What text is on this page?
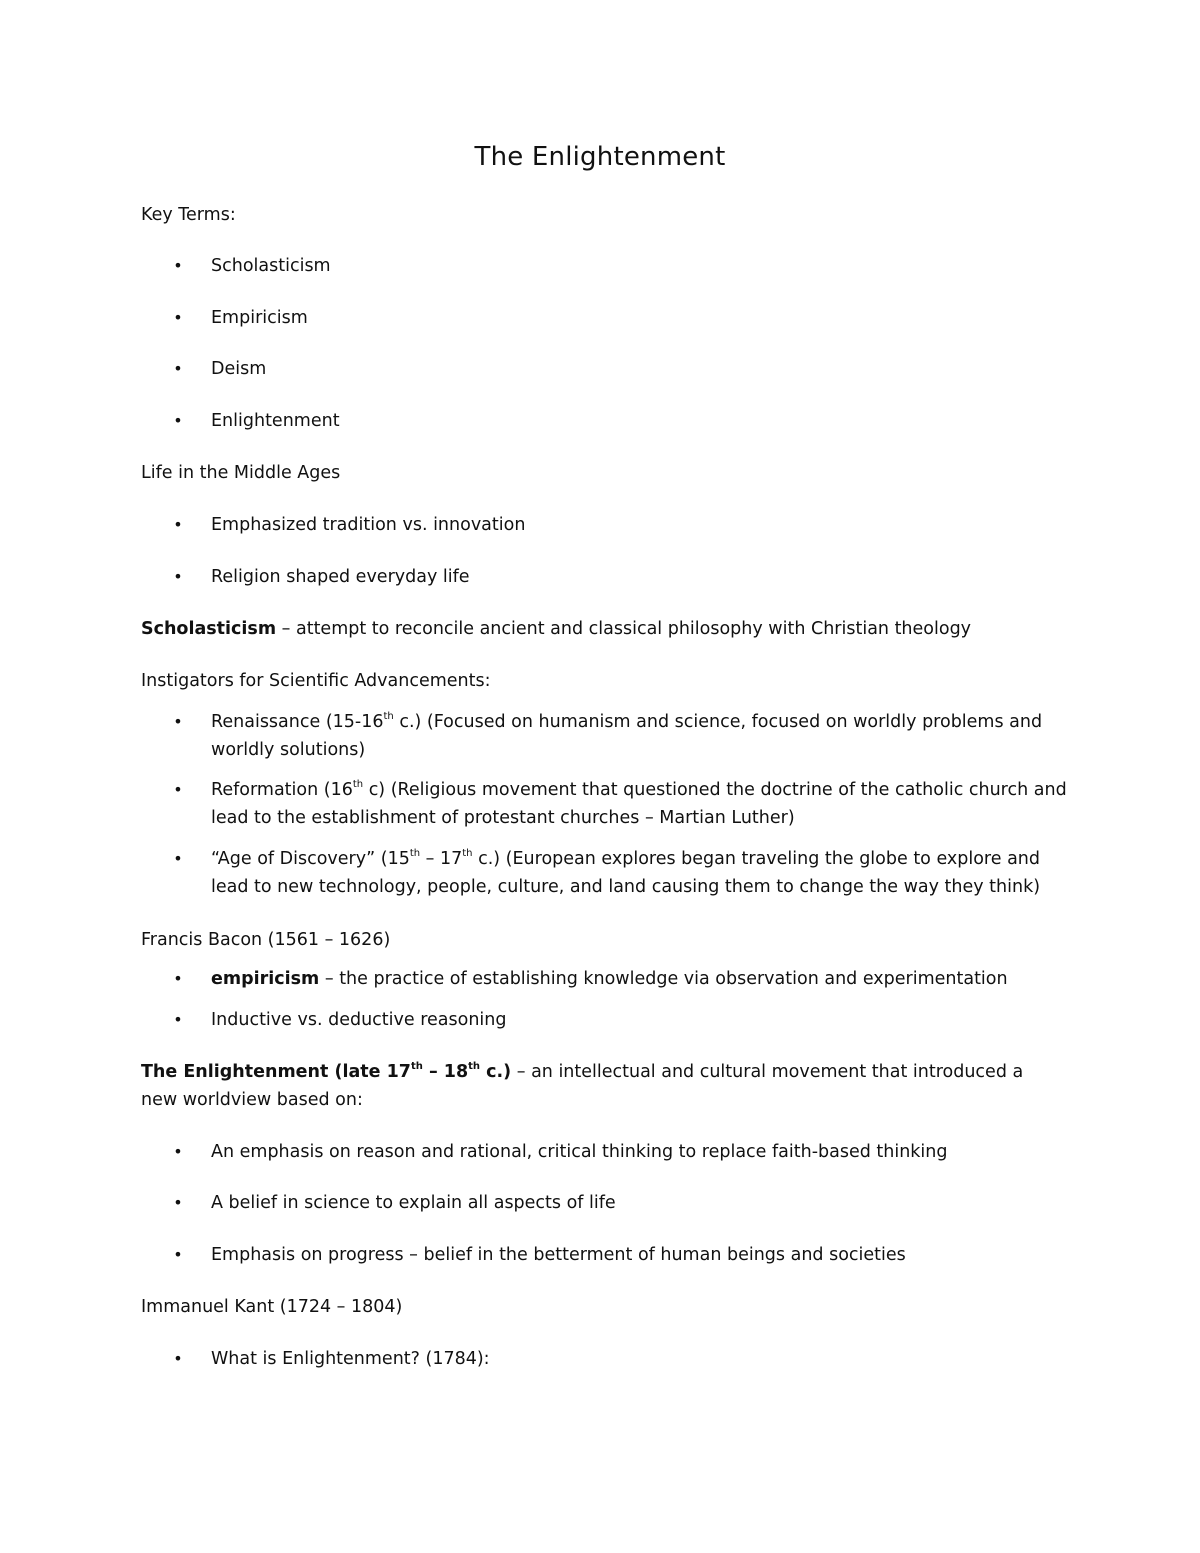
The Enlightenment
Key Terms:
• Scholasticism
• Empiricism
• Deism
• Enlightenment
Life in the Middle Ages
• Emphasized tradition vs. innovation
• Religion shaped everyday life
Scholasticism – attempt to reconcile ancient and classical philosophy with Christian theology
Instigators for Scientific Advancements:
• Renaissance (15-16th c.) (Focused on humanism and science, focused on worldly problems and worldly solutions)
• Reformation (16th c) (Religious movement that questioned the doctrine of the catholic church and lead to the establishment of protestant churches – Martian Luther)
• “Age of Discovery” (15th – 17th c.) (European explores began traveling the globe to explore and lead to new technology, people, culture, and land causing them to change the way they think)
Francis Bacon (1561 – 1626)
• empiricism – the practice of establishing knowledge via observation and experimentation
• Inductive vs. deductive reasoning
The Enlightenment (late 17th – 18th c.) – an intellectual and cultural movement that introduced a new worldview based on:
• An emphasis on reason and rational, critical thinking to replace faith-based thinking
• A belief in science to explain all aspects of life
• Emphasis on progress – belief in the betterment of human beings and societies
Immanuel Kant (1724 – 1804)
• What is Enlightenment? (1784):
